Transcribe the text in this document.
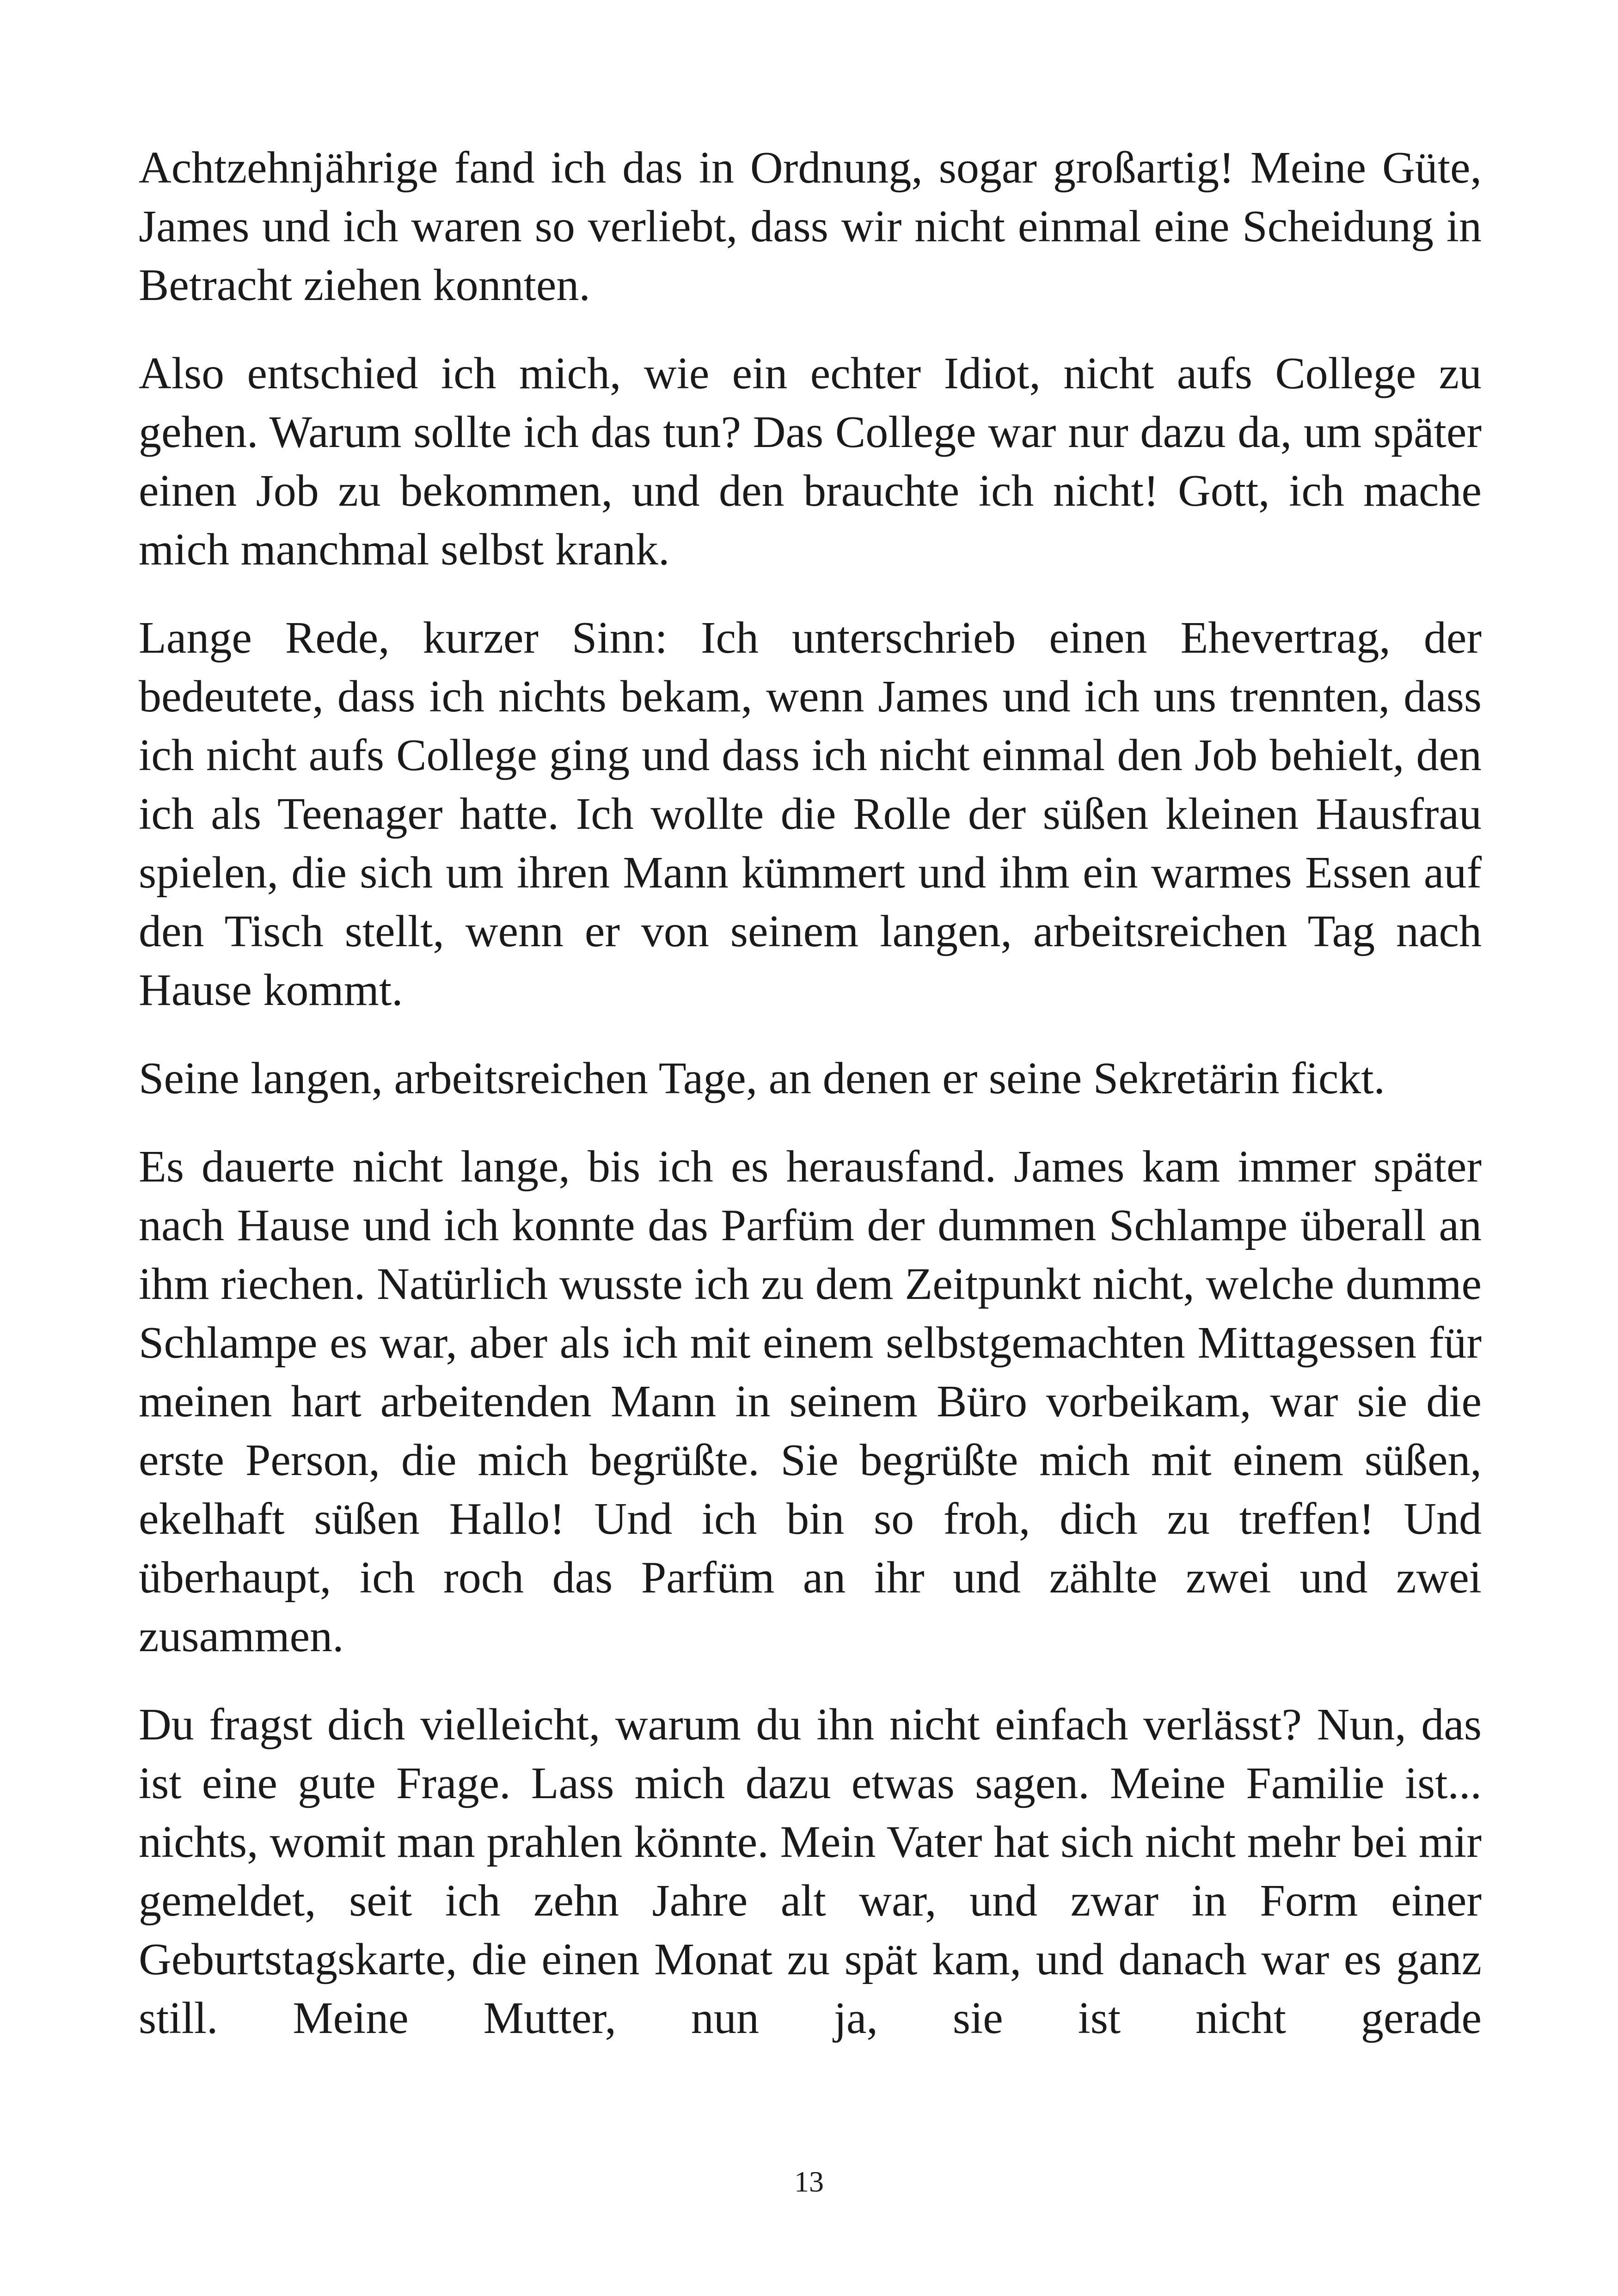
Achtzehnjährige fand ich das in Ordnung, sogar großartig! Meine Güte, James und ich waren so verliebt, dass wir nicht einmal eine Scheidung in Betracht ziehen konnten.

Also entschied ich mich, wie ein echter Idiot, nicht aufs College zu gehen. Warum sollte ich das tun? Das College war nur dazu da, um später einen Job zu bekommen, und den brauchte ich nicht! Gott, ich mache mich manchmal selbst krank.

Lange Rede, kurzer Sinn: Ich unterschrieb einen Ehevertrag, der bedeutete, dass ich nichts bekam, wenn James und ich uns trennten, dass ich nicht aufs College ging und dass ich nicht einmal den Job behielt, den ich als Teenager hatte. Ich wollte die Rolle der süßen kleinen Hausfrau spielen, die sich um ihren Mann kümmert und ihm ein warmes Essen auf den Tisch stellt, wenn er von seinem langen, arbeitsreichen Tag nach Hause kommt.

Seine langen, arbeitsreichen Tage, an denen er seine Sekretärin fickt.

Es dauerte nicht lange, bis ich es herausfand. James kam immer später nach Hause und ich konnte das Parfüm der dummen Schlampe überall an ihm riechen. Natürlich wusste ich zu dem Zeitpunkt nicht, welche dumme Schlampe es war, aber als ich mit einem selbstgemachten Mittagessen für meinen hart arbeitenden Mann in seinem Büro vorbeikam, war sie die erste Person, die mich begrüßte. Sie begrüßte mich mit einem süßen, ekelhaft süßen Hallo! Und ich bin so froh, dich zu treffen! Und überhaupt, ich roch das Parfüm an ihr und zählte zwei und zwei zusammen.

Du fragst dich vielleicht, warum du ihn nicht einfach verlässt? Nun, das ist eine gute Frage. Lass mich dazu etwas sagen. Meine Familie ist... nichts, womit man prahlen könnte. Mein Vater hat sich nicht mehr bei mir gemeldet, seit ich zehn Jahre alt war, und zwar in Form einer Geburtstagskarte, die einen Monat zu spät kam, und danach war es ganz still. Meine Mutter, nun ja, sie ist nicht gerade

13
